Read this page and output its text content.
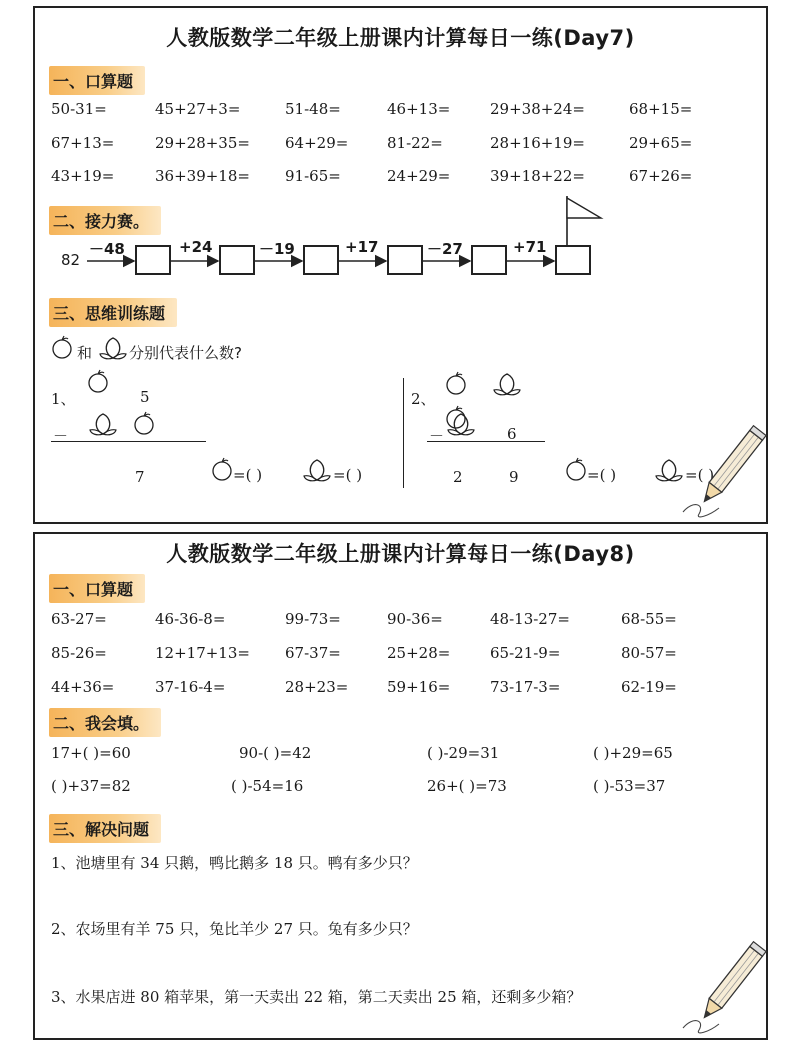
人教版数学二年级上册课内计算每日一练(Day7)
一、口算题
50-31=	45+27+3=	51-48=	46+13=	29+38+24=	68+15=
67+13=	29+28+35= 64+29=	81-22=	28+16+19=	29+65=
43+19=	36+39+18= 91-65=	24+29=	39+18+22=	67+26=
二、接力赛。
82
－48	+24	－19	+17	－27	+71
三、思维训练题
和 分别代表什么数?
1、	5
－
7	=( )	=( )
2、
－	6
2	9	=( )	=( )
人教版数学二年级上册课内计算每日一练(Day8)
一、口算题
63-27=	46-36-8=	99-73=	90-36=	48-13-27=	68-55=
85-26=	12+17+13= 67-37=	25+28=	65-21-9=	80-57=
44+36=	37-16-4=	28+23=	59+16=	73-17-3=	62-19=
二、我会填。
17+( )=60	90-( )=42	( )-29=31	( )+29=65
( )+37=82	( )-54=16	26+( )=73	( )-53=37
三、解决问题
1、池塘里有 34 只鹅，鸭比鹅多 18 只。鸭有多少只？
2、农场里有羊 75 只，兔比羊少 27 只。兔有多少只？
3、水果店进 80 箱苹果，第一天卖出 22 箱，第二天卖出 25 箱，还剩多少箱？
